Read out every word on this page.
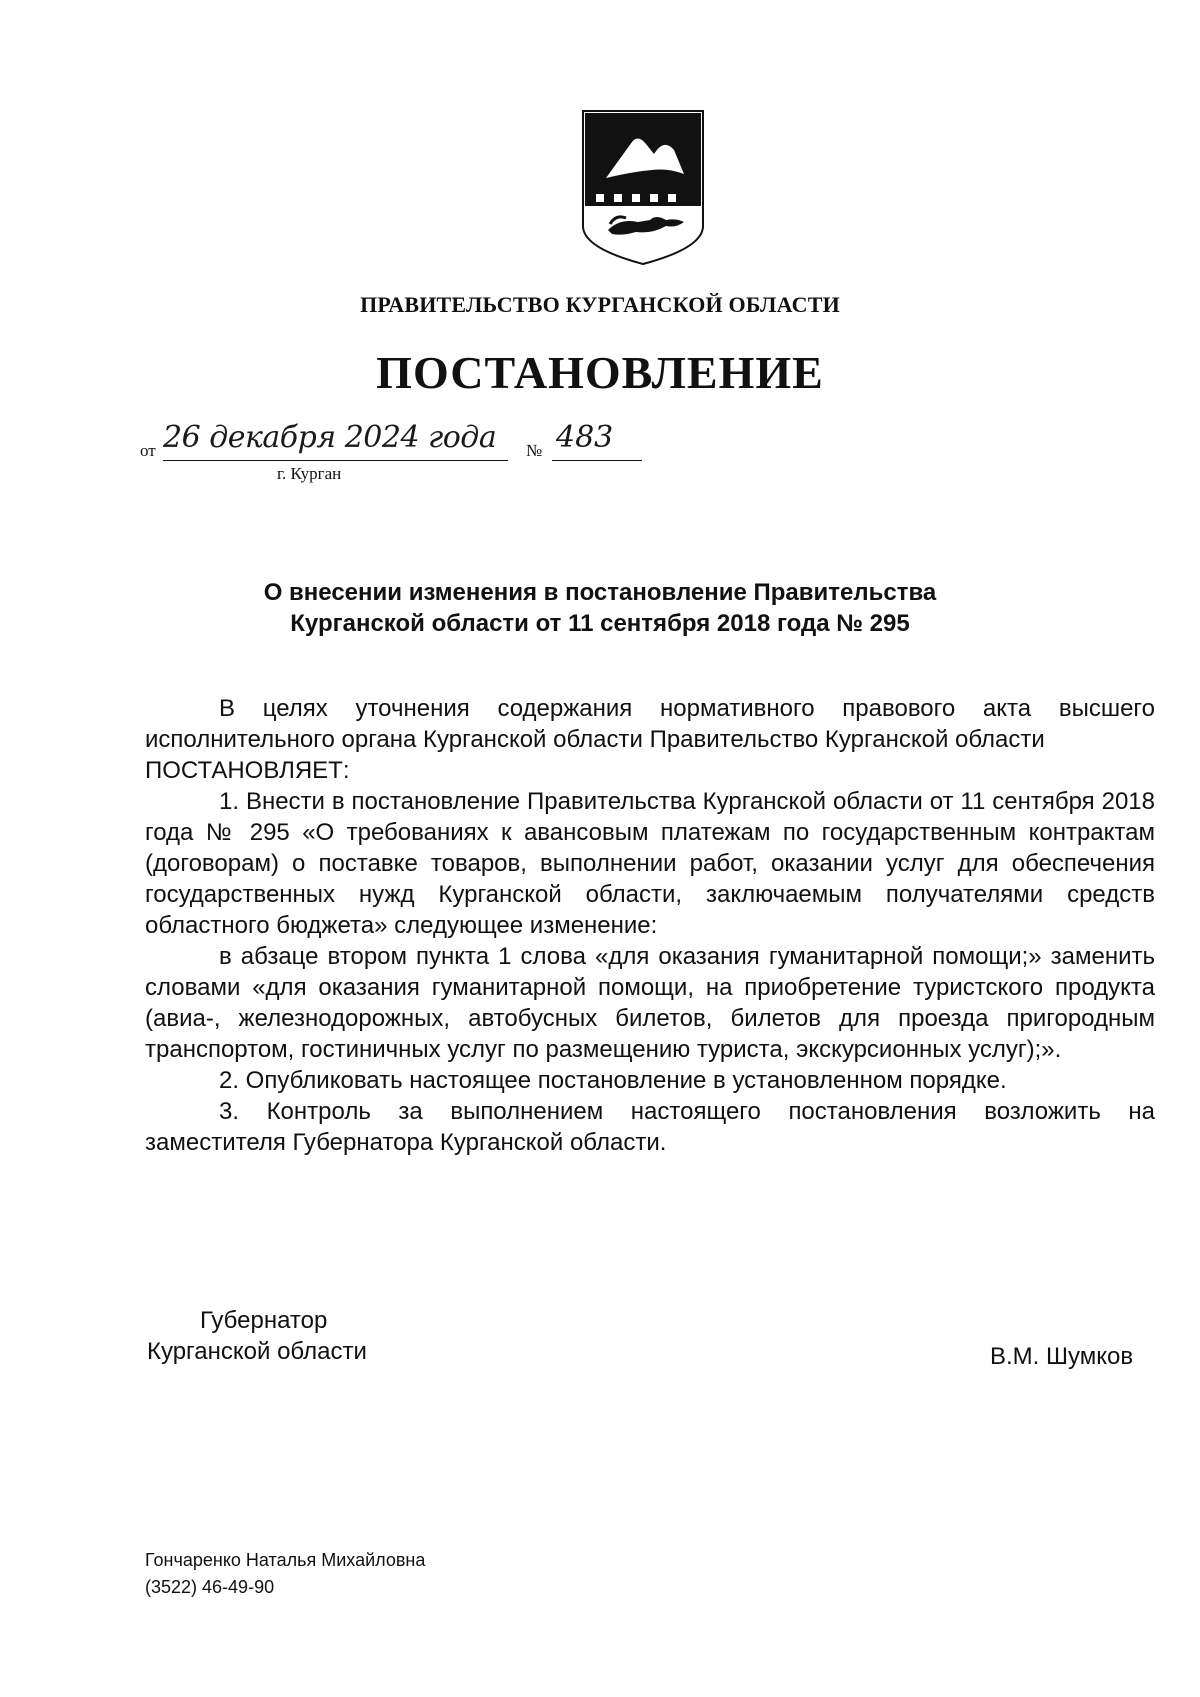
ПРАВИТЕЛЬСТВО КУРГАНСКОЙ ОБЛАСТИ
ПОСТАНОВЛЕНИЕ
от 26 декабря 2024 года	№ 483
г. Курган
О внесении изменения в постановление Правительства
Курганской области от 11 сентября 2018 года № 295

В целях уточнения содержания нормативного правового акта высшего исполнительного органа Курганской области Правительство Курганской области

ПОСТАНОВЛЯЕТ:

1. Внести в постановление Правительства Курганской области от 11 сентября 2018 года № 295 «О требованиях к авансовым платежам по государственным контрактам (договорам) о поставке товаров, выполнении работ, оказании услуг для обеспечения государственных нужд Курганской области, заключаемым получателями средств областного бюджета» следующее изменение:

в абзаце втором пункта 1 слова «для оказания гуманитарной помощи;» заменить словами «для оказания гуманитарной помощи, на приобретение туристского продукта (авиа-, железнодорожных, автобусных билетов, билетов для проезда пригородным транспортом, гостиничных услуг по размещению туриста, экскурсионных услуг);».

2. Опубликовать настоящее постановление в установленном порядке.

3. Контроль за выполнением настоящего постановления возложить на заместителя Губернатора Курганской области.

Губернатор
Курганской области	В.М. Шумков
Гончаренко Наталья Михайловна
(3522) 46-49-90
